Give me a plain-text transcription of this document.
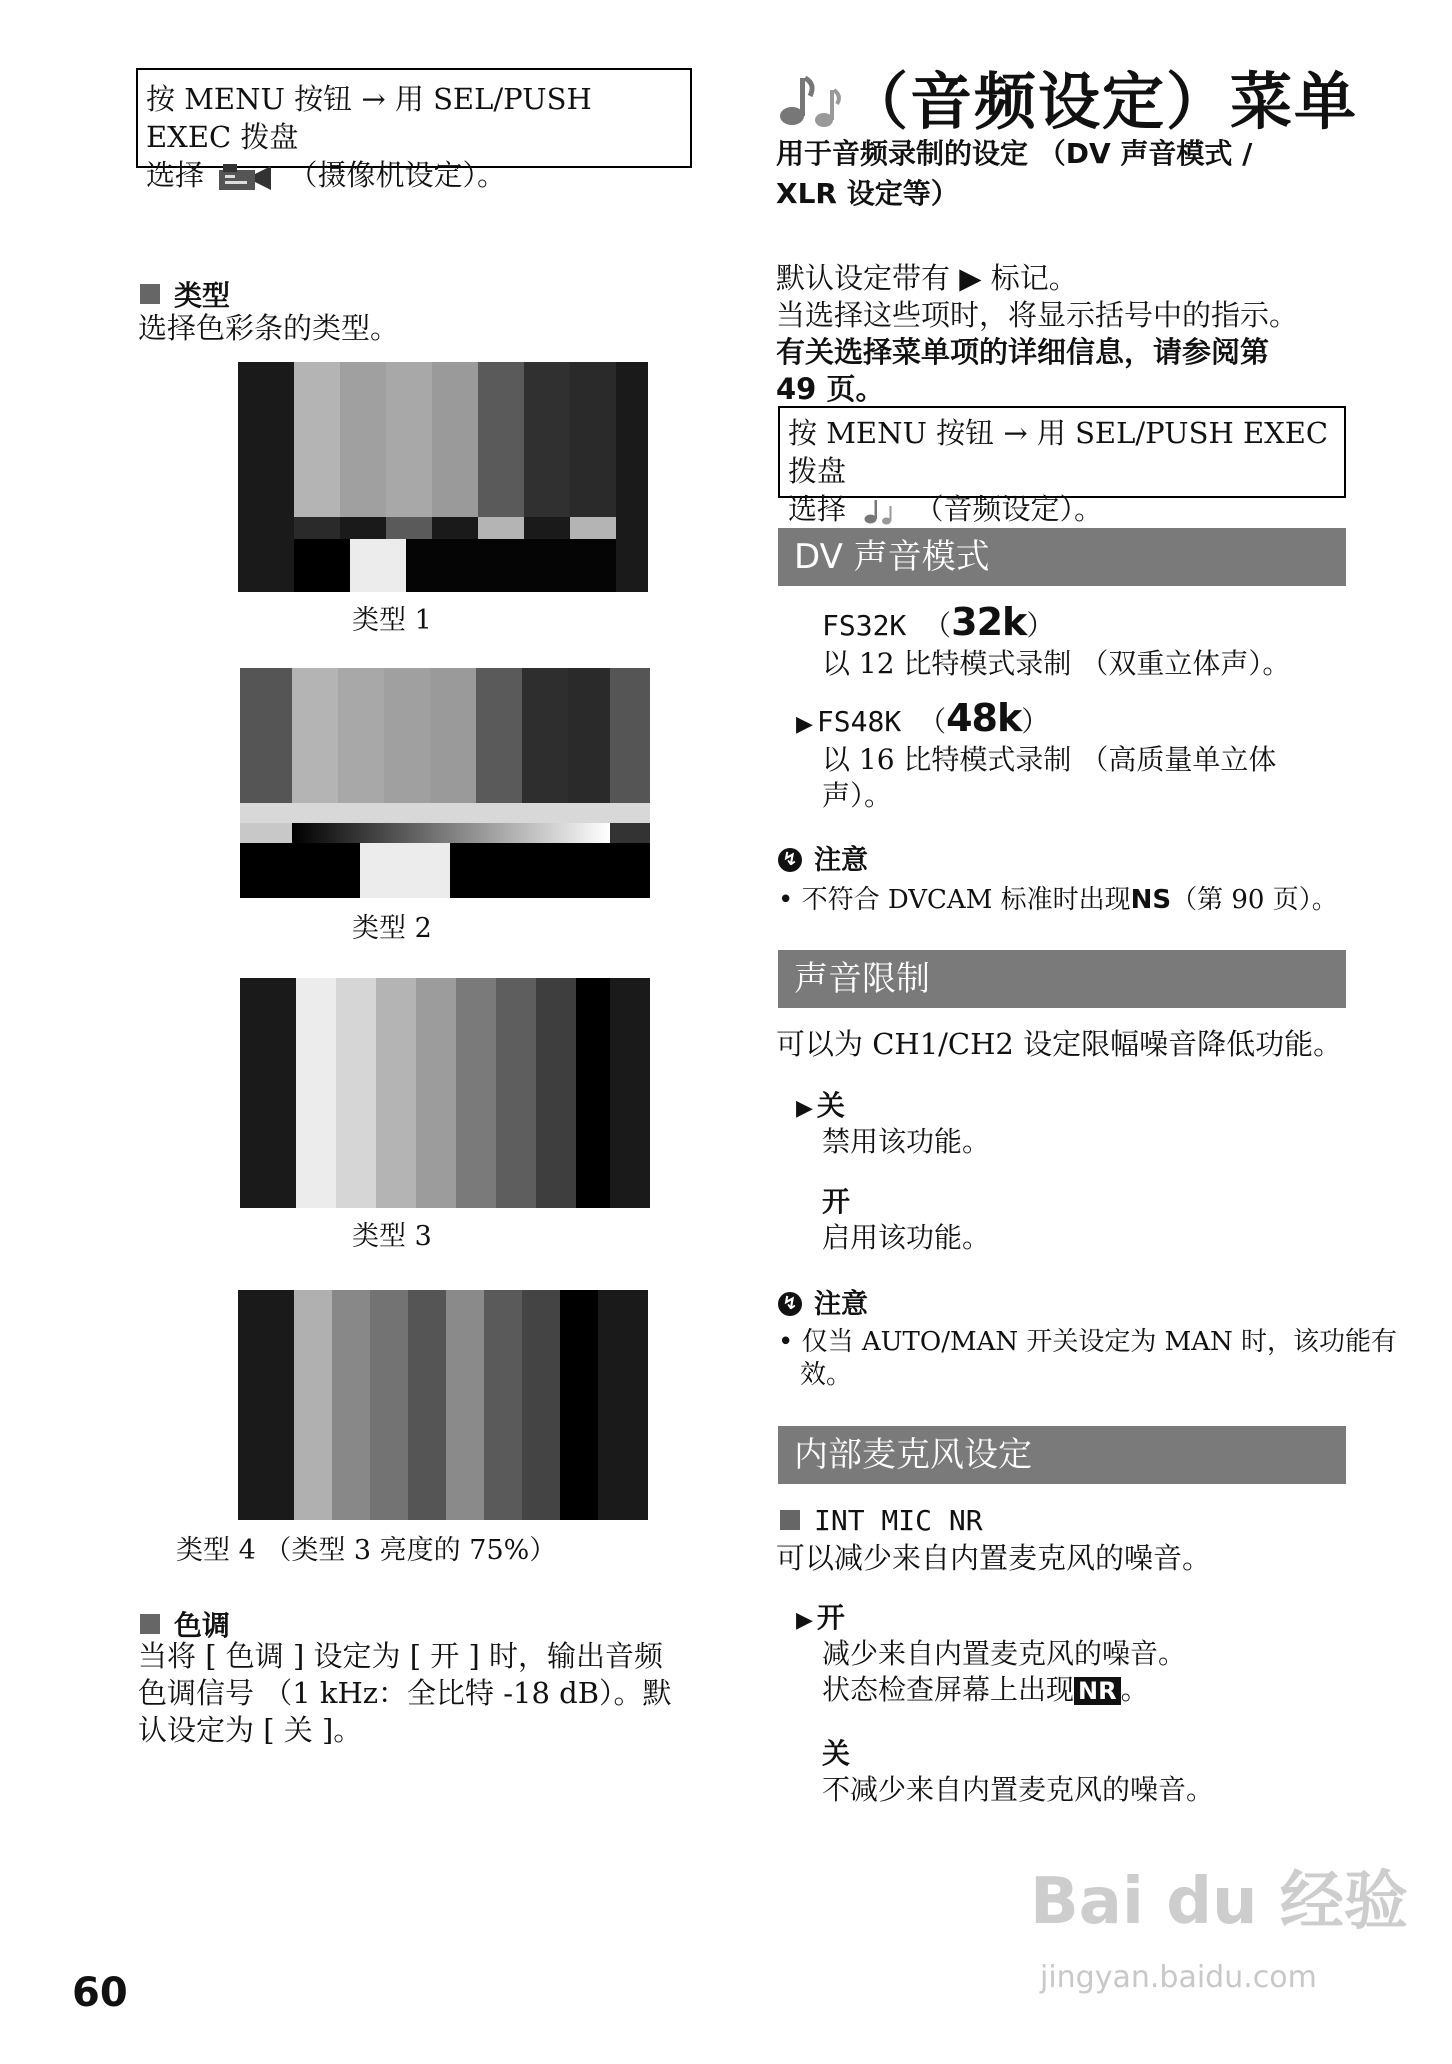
按 MENU 按钮 → 用 SEL/PUSH EXEC 拨盘
选择	（摄像机设定）。
类型
选择色彩条的类型。
类型 1
类型 2
类型 3
类型 4 （类型 3 亮度的 75%）
色调
当将 [ 色调 ] 设定为 [ 开 ] 时，输出音频
色调信号 （1 kHz：全比特 -18 dB）。默
认设定为 [ 关 ]。
（音频设定）菜单
用于音频录制的设定 （DV 声音模式 /
XLR 设定等）
默认设定带有 ▶ 标记。
当选择这些项时，将显示括号中的指示。
有关选择菜单项的详细信息，请参阅第
49 页。
按 MENU 按钮 → 用 SEL/PUSH EXEC 拨盘
选择 （音频设定）。
DV 声音模式
FS32K （32k）
以 12 比特模式录制 （双重立体声）。
▶ FS48K （48k）
以 16 比特模式录制 （高质量单立体
声）。
↯ 注意
• 不符合 DVCAM 标准时出现NS（第 90 页）。
声音限制
可以为 CH1/CH2 设定限幅噪音降低功能。
▶ 关
禁用该功能。
开
启用该功能。
↯ 注意
• 仅当 AUTO/MAN 开关设定为 MAN 时，该功能有
效。
内部麦克风设定
INT MIC NR
可以减少来自内置麦克风的噪音。
▶ 开
减少来自内置麦克风的噪音。
状态检查屏幕上出现 NR 。
关
不减少来自内置麦克风的噪音。
60
Bai du 经验
jingyan.baidu.com
